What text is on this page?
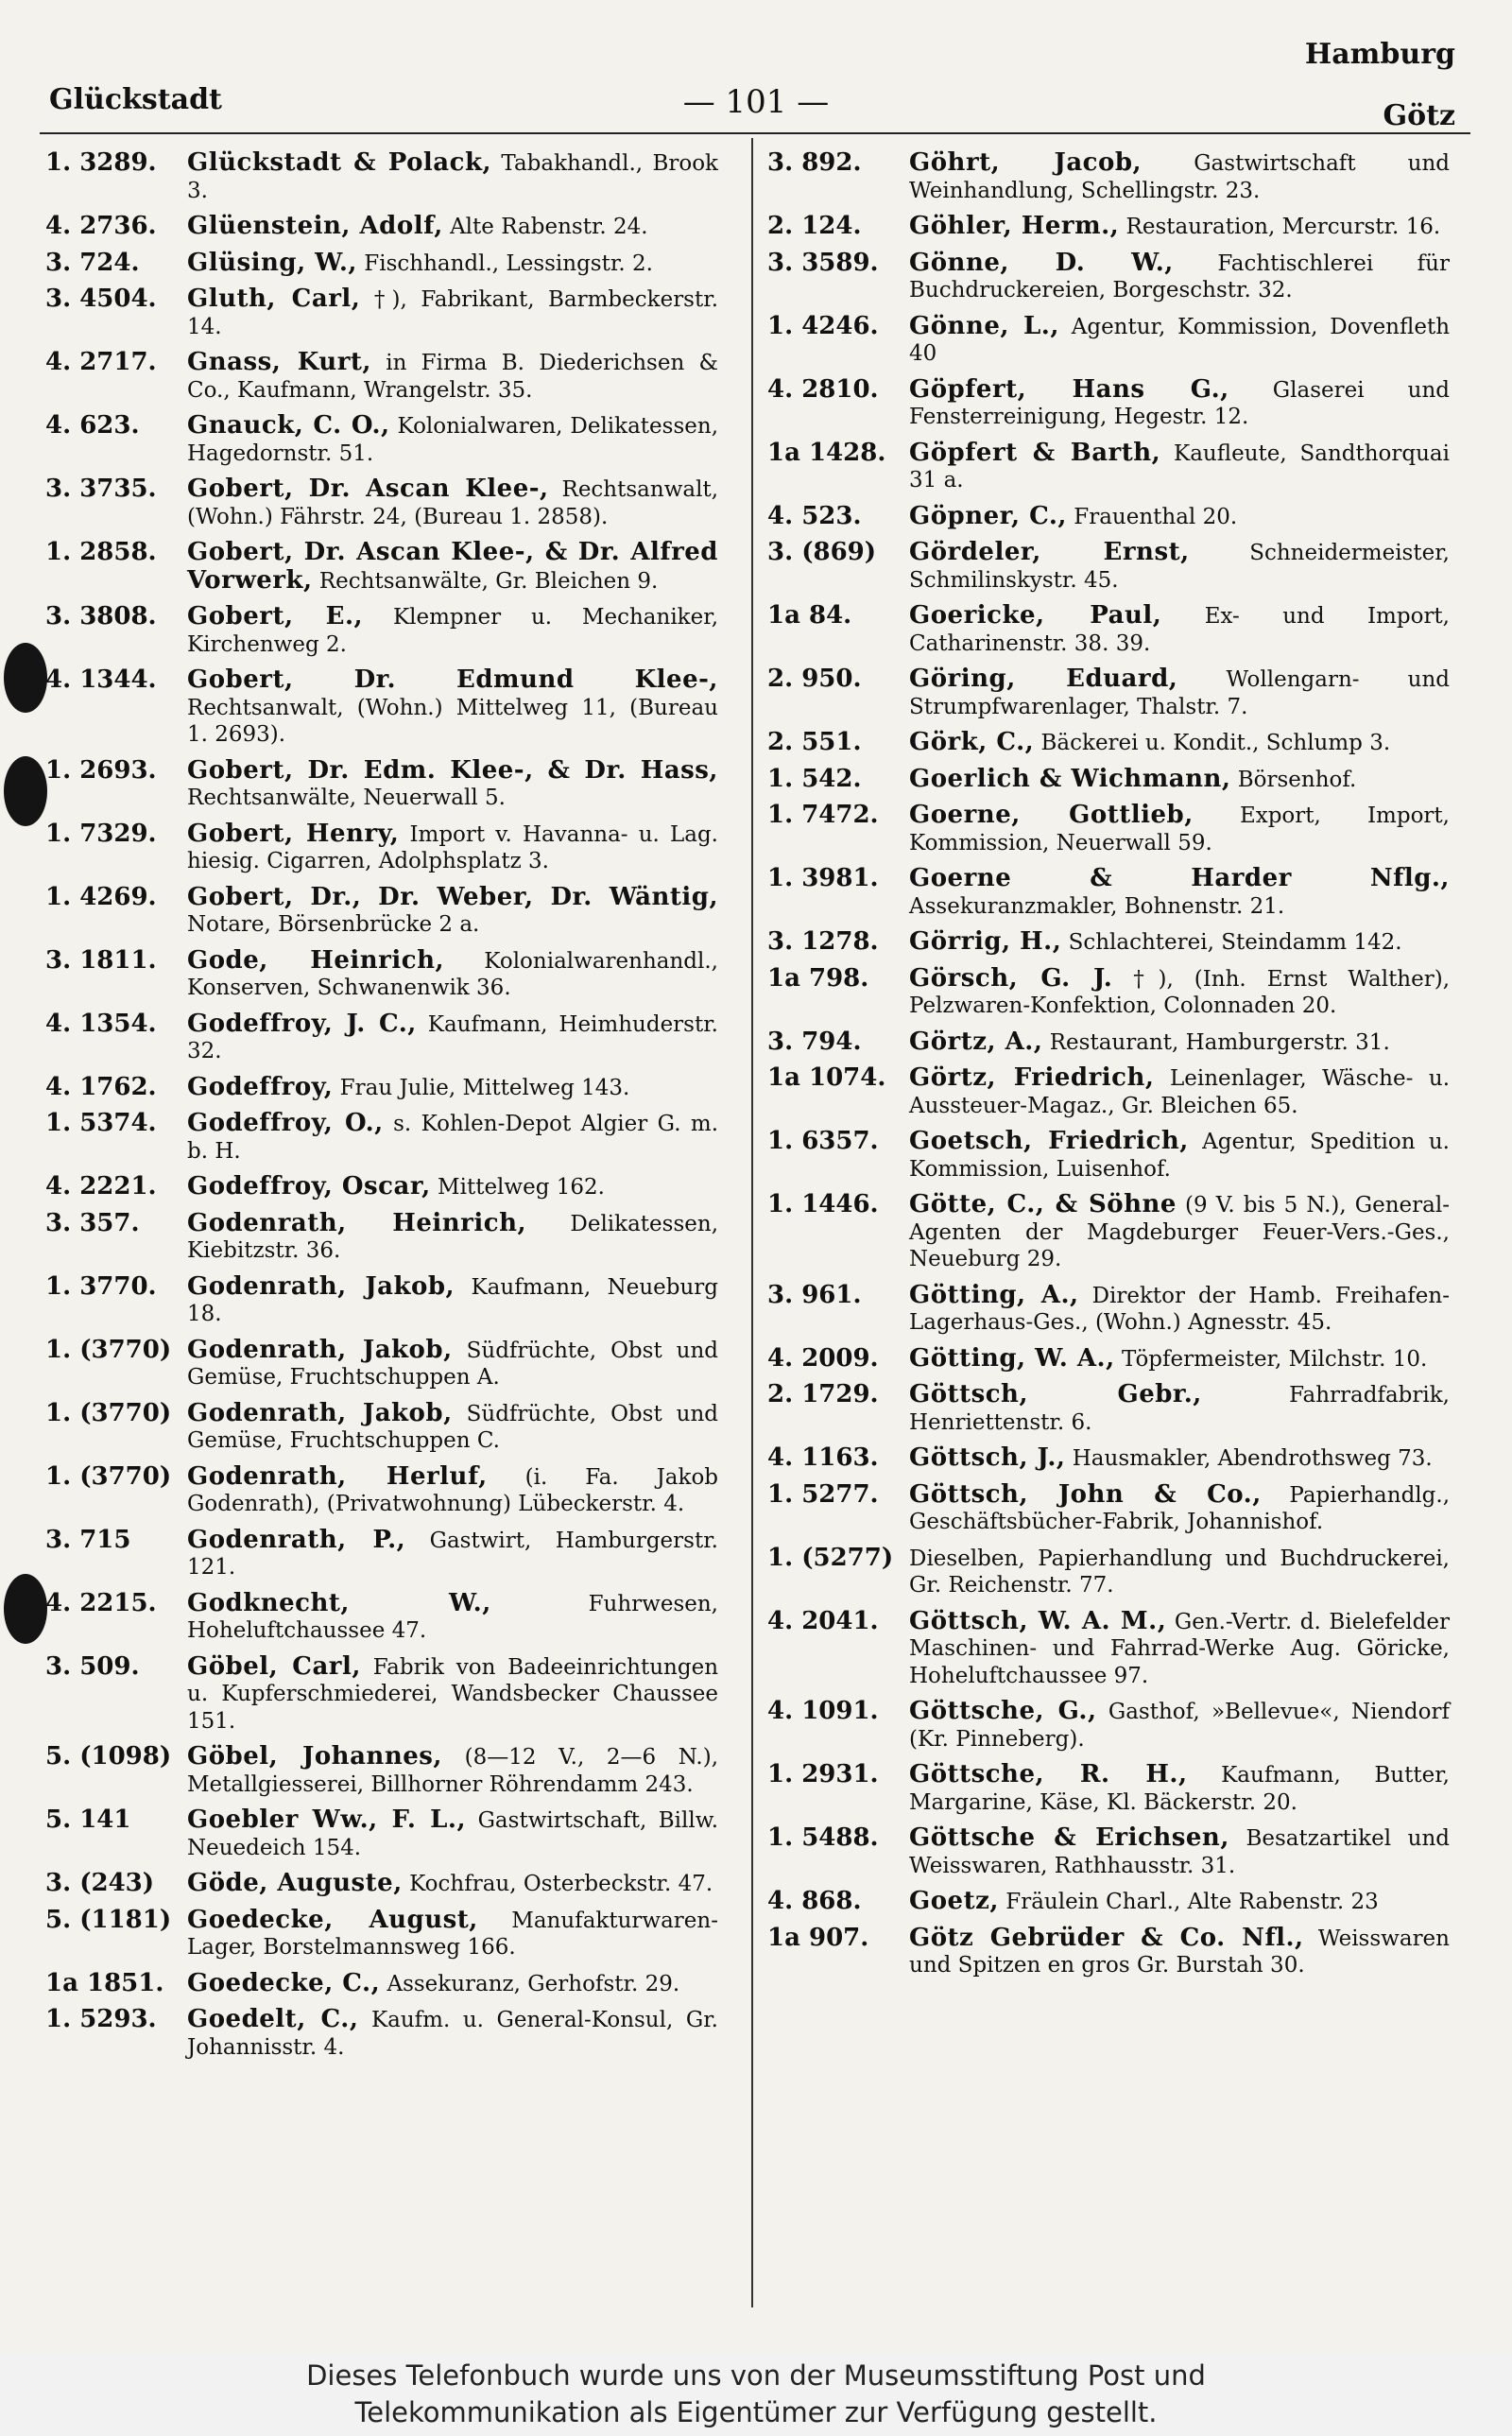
— 101 —
Glückstadt
Hamburg
Götz
1. 3289.	Glückstadt & Polack, Tabakhandl., Brook 3.
4. 2736.	Glüenstein, Adolf, Alte Rabenstr. 24.
3. 724.	Glüsing, W., Fischhandl., Lessingstr. 2.
3. 4504.	Gluth, Carl, †), Fabrikant, Barmbeckerstr. 14.
4. 2717.	Gnass, Kurt, in Firma B. Diederichsen & Co., Kaufmann, Wrangelstr. 35.
4. 623.	Gnauck, C. O., Kolonialwaren, Delikatessen, Hagedornstr. 51.
3. 3735.	Gobert, Dr. Ascan Klee-, Rechtsanwalt, (Wohn.) Fährstr. 24, (Bureau 1. 2858).
1. 2858.	Gobert, Dr. Ascan Klee-, & Dr. Alfred Vorwerk, Rechtsanwälte, Gr. Bleichen 9.
3. 3808.	Gobert, E., Klempner u. Mechaniker, Kirchenweg 2.
4. 1344.	Gobert, Dr. Edmund Klee-, Rechtsanwalt, (Wohn.) Mittelweg 11, (Bureau 1. 2693).
1. 2693.	Gobert, Dr. Edm. Klee-, & Dr. Hass, Rechtsanwälte, Neuerwall 5.
1. 7329.	Gobert, Henry, Import v. Havanna- u. Lag. hiesig. Cigarren, Adolphsplatz 3.
1. 4269.	Gobert, Dr., Dr. Weber, Dr. Wäntig, Notare, Börsenbrücke 2 a.
3. 1811.	Gode, Heinrich, Kolonialwarenhandl., Konserven, Schwanenwik 36.
4. 1354.	Godeffroy, J. C., Kaufmann, Heimhuderstr. 32.
4. 1762.	Godeffroy, Frau Julie, Mittelweg 143.
1. 5374.	Godeffroy, O., s. Kohlen-Depot Algier G. m. b. H.
4. 2221.	Godeffroy, Oscar, Mittelweg 162.
3. 357.	Godenrath, Heinrich, Delikatessen, Kiebitzstr. 36.
1. 3770.	Godenrath, Jakob, Kaufmann, Neueburg 18.
1. (3770) Godenrath, Jakob, Südfrüchte, Obst und Gemüse, Fruchtschuppen A.
1. (3770) Godenrath, Jakob, Südfrüchte, Obst und Gemüse, Fruchtschuppen C.
1. (3770) Godenrath, Herluf, (i. Fa. Jakob Godenrath), (Privatwohnung) Lübeckerstr. 4.
3. 715	Godenrath, P., Gastwirt, Hamburgerstr. 121.
4. 2215.	Godknecht, W.,	Fuhrwesen, Hoheluftchaussee 47.
3. 509.	Göbel, Carl, Fabrik von Badeeinrichtungen u. Kupferschmiederei, Wandsbecker Chaussee 151.
5. (1098) Göbel, Johannes, (8—12 V., 2—6 N.), Metallgiesserei, Billhorner Röhrendamm 243.
5. 141	Goebler Ww., F. L., Gastwirtschaft, Billw. Neuedeich 154.
3. (243)	Göde, Auguste, Kochfrau, Osterbeckstr. 47.
5. (1181) Goedecke, August, Manufakturwaren-Lager, Borstelmannsweg 166.
1a 1851. Goedecke, C., Assekuranz, Gerhofstr. 29.
1. 5293.	Goedelt, C., Kaufm. u. General-Konsul, Gr. Johannisstr. 4.
3. 892.	Göhrt, Jacob, Gastwirtschaft und Weinhandlung, Schellingstr. 23.
2. 124.	Göhler, Herm., Restauration, Mercurstr. 16.
3. 3589.	Gönne, D. W., Fachtischlerei für Buchdruckereien, Borgeschstr. 32.
1. 4246.	Gönne, L., Agentur, Kommission, Dovenfleth 40
4. 2810.	Göpfert, Hans G., Glaserei und Fensterreinigung, Hegestr. 12.
1a 1428. Göpfert & Barth, Kaufleute, Sandthorquai 31 a.
4. 523.	Göpner, C., Frauenthal 20.
3. (869)	Gördeler, Ernst,	Schneidermeister, Schmilinskystr. 45.
1a 84.	Goericke, Paul, Ex- und Import, Catharinenstr. 38. 39.
2. 950.	Göring, Eduard, Wollengarn- und Strumpfwarenlager, Thalstr. 7.
2. 551.	Görk, C., Bäckerei u. Kondit., Schlump 3.
1. 542.	Goerlich & Wichmann, Börsenhof.
1. 7472.	Goerne, Gottlieb, Export, Import, Kommission, Neuerwall 59.
1. 3981.	Goerne & Harder Nflg., Assekuranzmakler, Bohnenstr. 21.
3. 1278.	Görrig, H., Schlachterei, Steindamm 142.
1a 798.	Görsch, G. J. †), (Inh. Ernst Walther), Pelzwaren-Konfektion, Colonnaden 20.
3. 794.	Görtz, A., Restaurant, Hamburgerstr. 31.
1a 1074. Görtz, Friedrich, Leinenlager, Wäsche- u. Aussteuer-Magaz., Gr. Bleichen 65.
1. 6357.	Goetsch, Friedrich, Agentur, Spedition u. Kommission, Luisenhof.
1. 1446.	Götte, C., & Söhne (9 V. bis 5 N.), General-Agenten der Magdeburger Feuer-Vers.-Ges., Neueburg 29.
3. 961.	Götting, A., Direktor der Hamb. Freihafen-Lagerhaus-Ges., (Wohn.) Agnesstr. 45.
4. 2009.	Götting, W. A., Töpfermeister, Milchstr. 10.
2. 1729.	Göttsch, Gebr.,	Fahrradfabrik, Henriettenstr. 6.
4. 1163.	Göttsch, J., Hausmakler, Abendrothsweg 73.
1. 5277.	Göttsch, John & Co., Papierhandlg., Geschäftsbücher-Fabrik, Johannishof.
1. (5277) Dieselben, Papierhandlung und Buchdruckerei, Gr. Reichenstr. 77.
4. 2041.	Göttsch, W. A. M., Gen.-Vertr. d. Bielefelder Maschinen- und Fahrrad-Werke Aug. Göricke, Hoheluftchaussee 97.
4. 1091.	Göttsche, G., Gasthof, »Bellevue«, Niendorf (Kr. Pinneberg).
1. 2931.	Göttsche, R. H., Kaufmann, Butter, Margarine, Käse, Kl. Bäckerstr. 20.
1. 5488.	Göttsche & Erichsen, Besatzartikel und Weisswaren, Rathhausstr. 31.
4. 868.	Goetz, Fräulein Charl., Alte Rabenstr. 23
1a 907.	Götz Gebrüder & Co. Nfl., Weisswaren und Spitzen en gros Gr. Burstah 30.
Dieses Telefonbuch wurde uns von der Museumsstiftung Post und
Telekommunikation als Eigentümer zur Verfügung gestellt.
